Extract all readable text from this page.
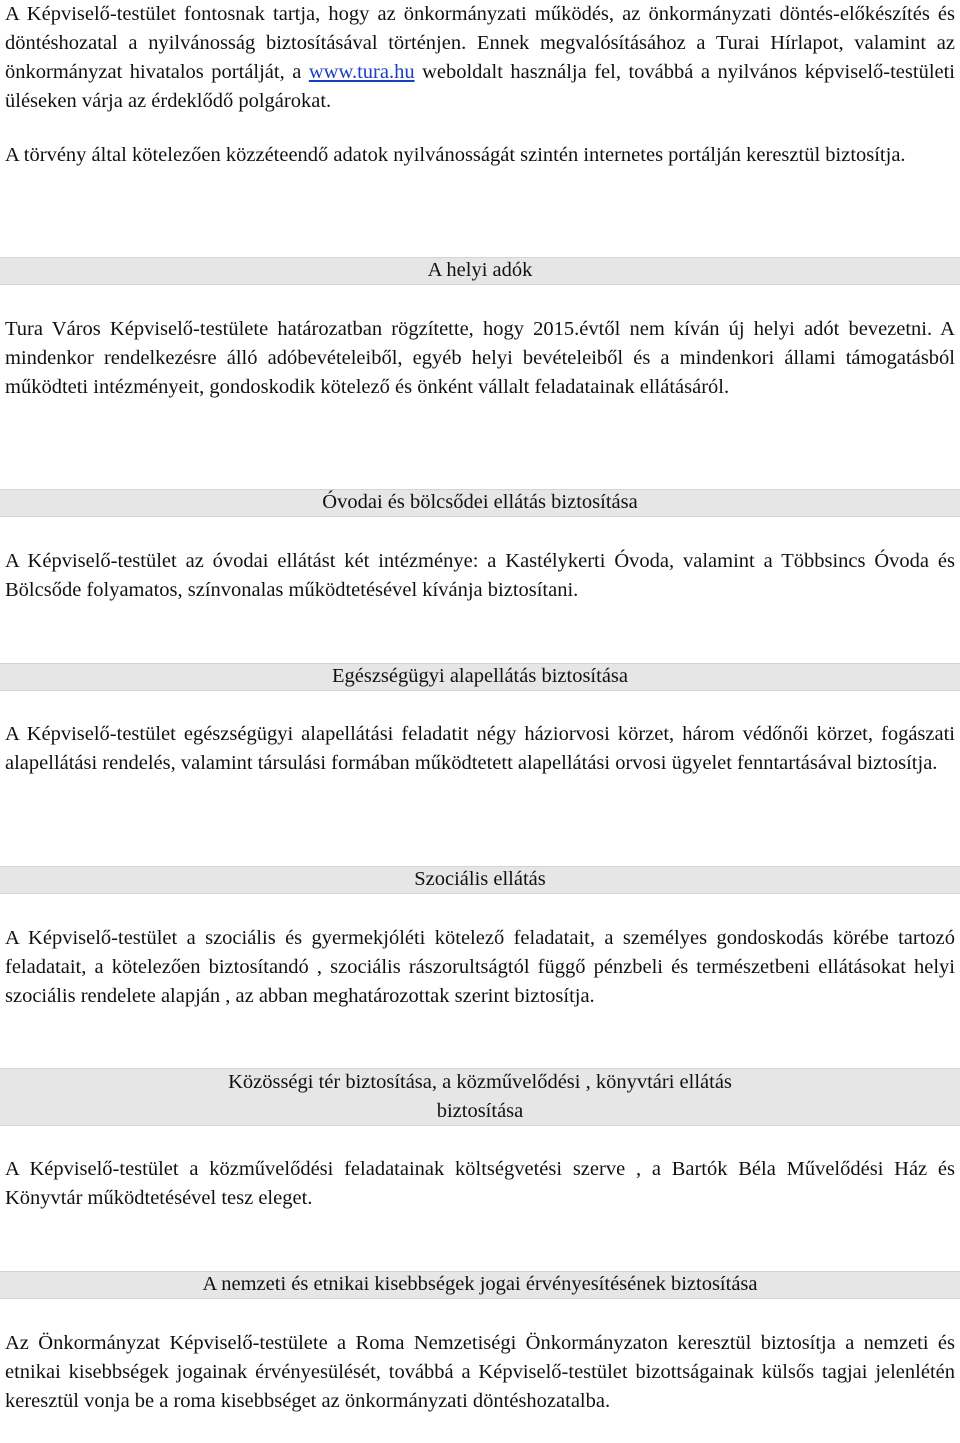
A Képviselő-testület fontosnak tartja, hogy az önkormányzati működés, az önkormányzati döntés-előkészítés és döntéshozatal a nyilvánosság biztosításával történjen. Ennek megvalósításához a Turai Hírlapot, valamint az önkormányzat hivatalos portálját, a www.tura.hu weboldalt használja fel, továbbá a nyilvános képviselő-testületi üléseken várja az érdeklődő polgárokat.

A törvény által kötelezően közzéteendő adatok nyilvánosságát szintén internetes portálján keresztül biztosítja.

A helyi adók

Tura Város Képviselő-testülete határozatban rögzítette, hogy 2015.évtől nem kíván új helyi adót bevezetni. A mindenkor rendelkezésre álló adóbevételeiből, egyéb helyi bevételeiből és a mindenkori állami támogatásból működteti intézményeit, gondoskodik kötelező és önként vállalt feladatainak ellátásáról.

Óvodai és bölcsődei ellátás biztosítása

A Képviselő-testület az óvodai ellátást két intézménye: a Kastélykerti Óvoda, valamint a Többsincs Óvoda és Bölcsőde folyamatos, színvonalas működtetésével kívánja biztosítani.

Egészségügyi alapellátás biztosítása

A Képviselő-testület egészségügyi alapellátási feladatit négy háziorvosi körzet, három védőnői körzet, fogászati alapellátási rendelés, valamint társulási formában működtetett alapellátási orvosi ügyelet fenntartásával biztosítja.

Szociális ellátás

A Képviselő-testület a szociális és gyermekjóléti kötelező feladatait, a személyes gondoskodás körébe tartozó feladatait, a kötelezően biztosítandó , szociális rászorultságtól függő pénzbeli és természetbeni ellátásokat helyi szociális rendelete alapján , az abban meghatározottak szerint biztosítja.

Közösségi tér biztosítása, a közművelődési , könyvtári ellátás
biztosítása

A Képviselő-testület a közművelődési feladatainak költségvetési szerve , a Bartók Béla Művelődési Ház és Könyvtár működtetésével tesz eleget.

A nemzeti és etnikai kisebbségek jogai érvényesítésének biztosítása

Az Önkormányzat Képviselő-testülete a Roma Nemzetiségi Önkormányzaton keresztül biztosítja a nemzeti és etnikai kisebbségek jogainak érvényesülését, továbbá a Képviselő-testület bizottságainak külsős tagjai jelenlétén keresztül vonja be a roma kisebbséget az önkormányzati döntéshozatalba.
